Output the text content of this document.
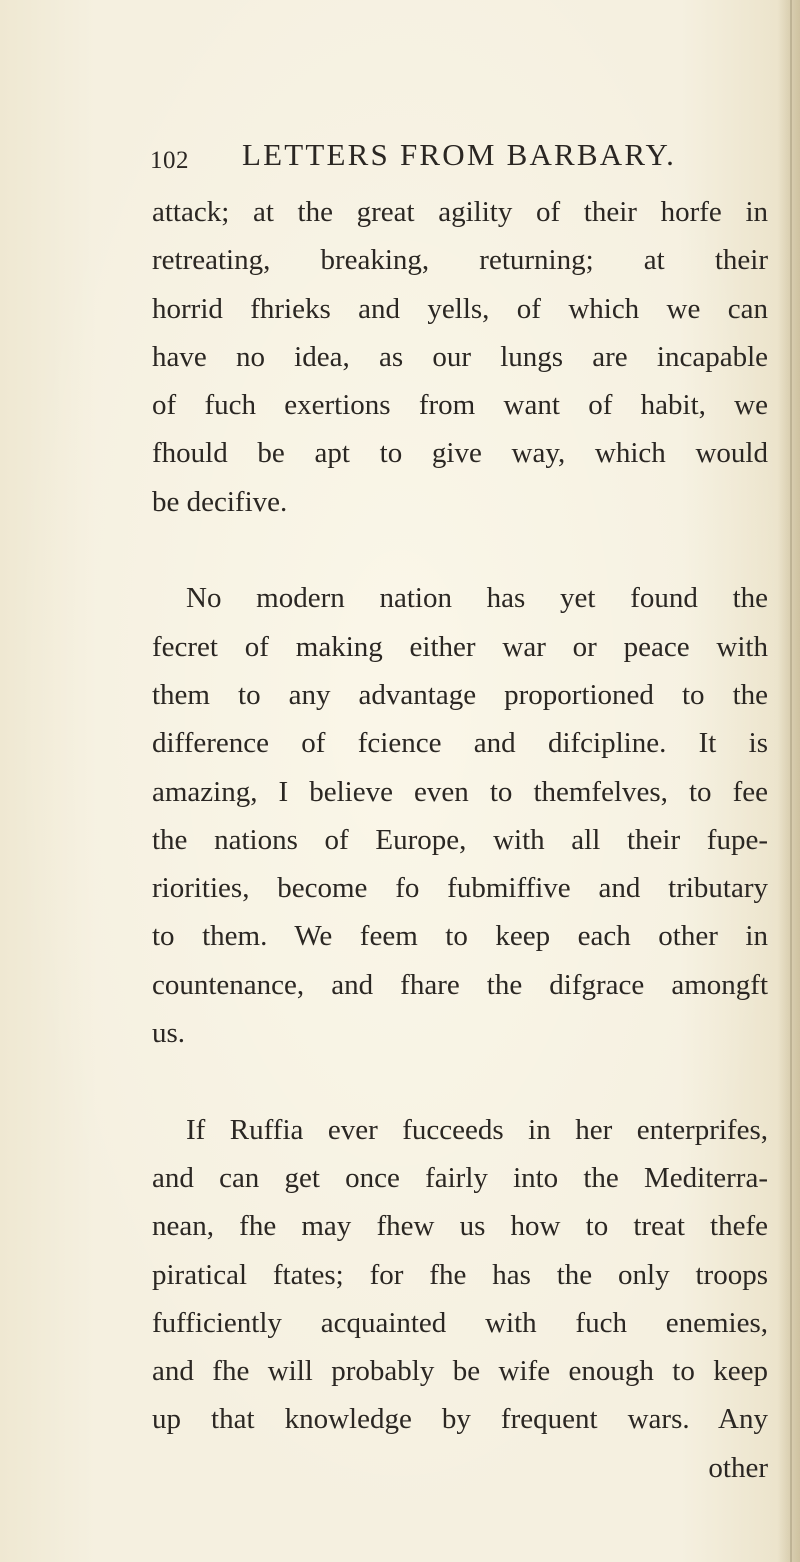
102 LETTERS FROM BARBARY.
attack; at the great agility of their horfe in
retreating, breaking, returning; at their
horrid fhrieks and yells, of which we can
have no idea, as our lungs are incapable
of fuch exertions from want of habit, we
fhould be apt to give way, which would
be decifive.
No modern nation has yet found the
fecret of making either war or peace with
them to any advantage proportioned to the
difference of fcience and difcipline. It is
amazing, I believe even to themfelves, to fee
the nations of Europe, with all their fupe-
riorities, become fo fubmiffive and tributary
to them. We feem to keep each other in
countenance, and fhare the difgrace amongft
us.
If Ruffia ever fucceeds in her enterprifes,
and can get once fairly into the Mediterra-
nean, fhe may fhew us how to treat thefe
piratical ftates; for fhe has the only troops
fufficiently acquainted with fuch enemies,
and fhe will probably be wife enough to keep
up that knowledge by frequent wars. Any
other
